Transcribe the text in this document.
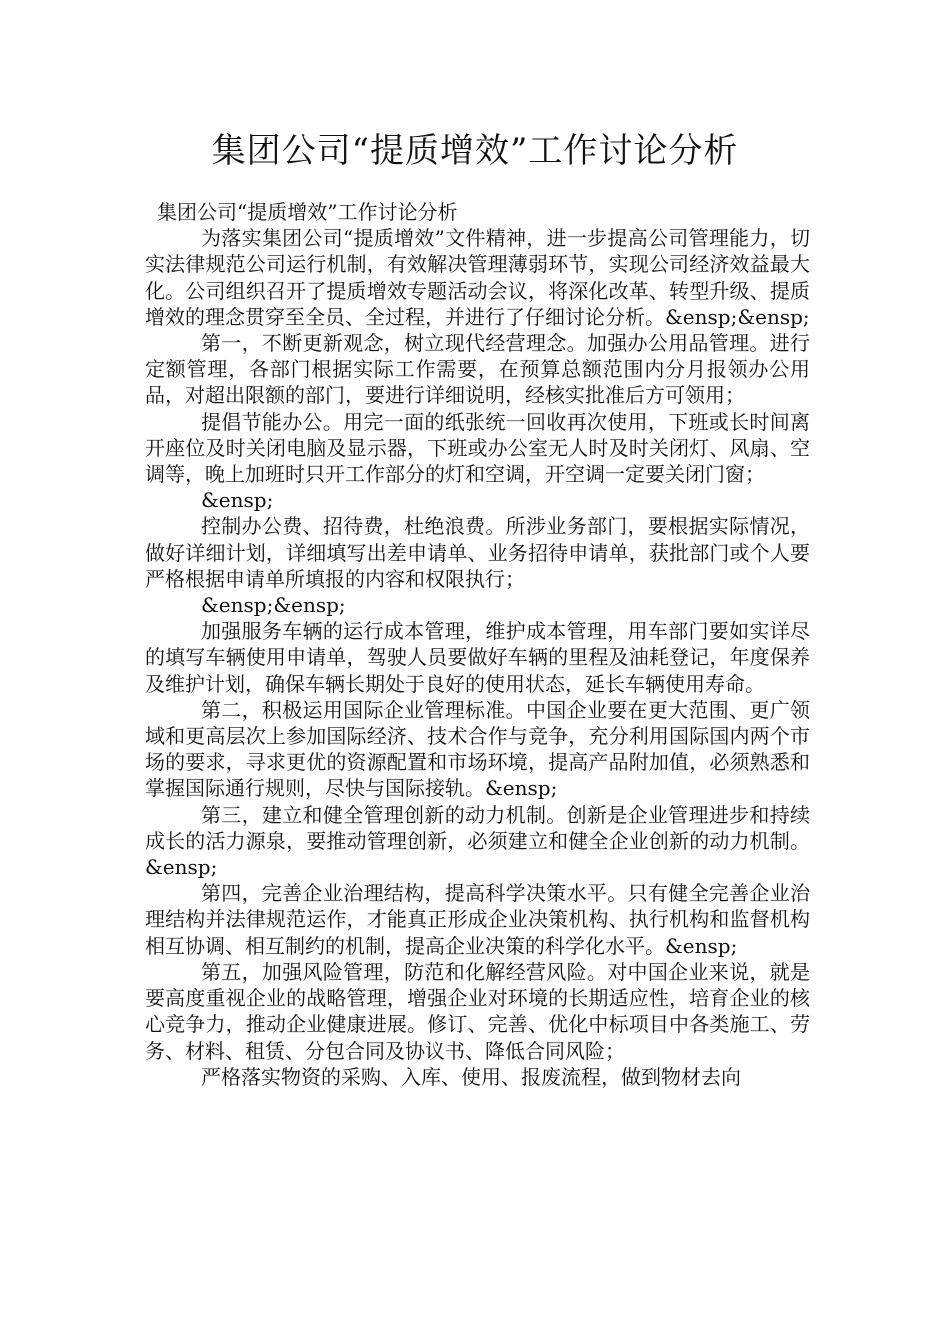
集团公司“提质增效”工作讨论分析

集团公司“提质增效”工作讨论分析

为落实集团公司“提质增效”文件精神，进一步提高公司管理能力，切实法律规范公司运行机制，有效解决管理薄弱环节，实现公司经济效益最大化。公司组织召开了提质增效专题活动会议，将深化改革、转型升级、提质增效的理念贯穿至全员、全过程，并进行了仔细讨论分析。&ensp;&ensp;

第一，不断更新观念，树立现代经营理念。加强办公用品管理。进行定额管理，各部门根据实际工作需要，在预算总额范围内分月报领办公用品，对超出限额的部门，要进行详细说明，经核实批准后方可领用；

提倡节能办公。用完一面的纸张统一回收再次使用，下班或长时间离开座位及时关闭电脑及显示器，下班或办公室无人时及时关闭灯、风扇、空调等，晚上加班时只开工作部分的灯和空调，开空调一定要关闭门窗；

&ensp;

控制办公费、招待费，杜绝浪费。所涉业务部门，要根据实际情况，做好详细计划，详细填写出差申请单、业务招待申请单，获批部门或个人要严格根据申请单所填报的内容和权限执行；

&ensp;&ensp;

加强服务车辆的运行成本管理，维护成本管理，用车部门要如实详尽的填写车辆使用申请单，驾驶人员要做好车辆的里程及油耗登记，年度保养及维护计划，确保车辆长期处于良好的使用状态，延长车辆使用寿命。

第二，积极运用国际企业管理标准。中国企业要在更大范围、更广领域和更高层次上参加国际经济、技术合作与竞争，充分利用国际国内两个市场的要求，寻求更优的资源配置和市场环境，提高产品附加值，必须熟悉和掌握国际通行规则，尽快与国际接轨。&ensp;

第三，建立和健全管理创新的动力机制。创新是企业管理进步和持续成长的活力源泉，要推动管理创新，必须建立和健全企业创新的动力机制。&ensp;

第四，完善企业治理结构，提高科学决策水平。只有健全完善企业治理结构并法律规范运作，才能真正形成企业决策机构、执行机构和监督机构相互协调、相互制约的机制，提高企业决策的科学化水平。&ensp;

第五，加强风险管理，防范和化解经营风险。对中国企业来说，就是要高度重视企业的战略管理，增强企业对环境的长期适应性，培育企业的核心竞争力，推动企业健康进展。修订、完善、优化中标项目中各类施工、劳务、材料、租赁、分包合同及协议书、降低合同风险；

严格落实物资的采购、入库、使用、报废流程，做到物材去向
